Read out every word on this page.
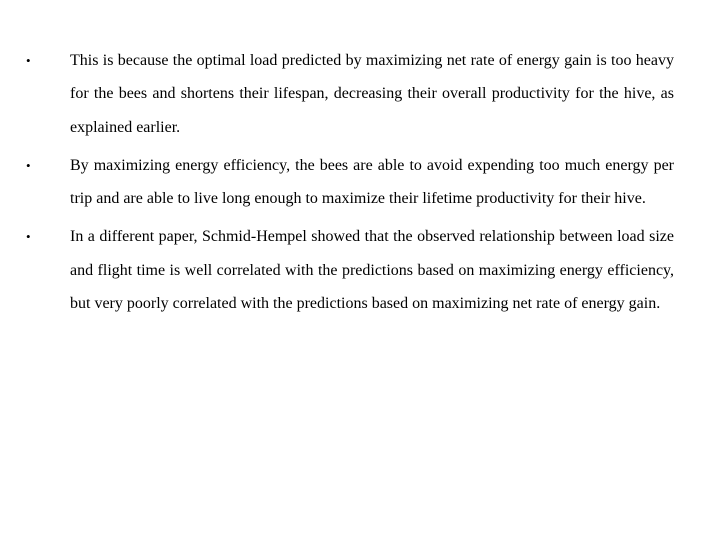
•	This is because the optimal load predicted by maximizing net rate of energy gain is too heavy for the bees and shortens their lifespan, decreasing their overall productivity for the hive, as explained earlier.
•	By maximizing energy efficiency, the bees are able to avoid expending too much energy per trip and are able to live long enough to maximize their lifetime productivity for their hive.
•	In a different paper, Schmid-Hempel showed that the observed relationship between load size and flight time is well correlated with the predictions based on maximizing energy efficiency, but very poorly correlated with the predictions based on maximizing net rate of energy gain.
